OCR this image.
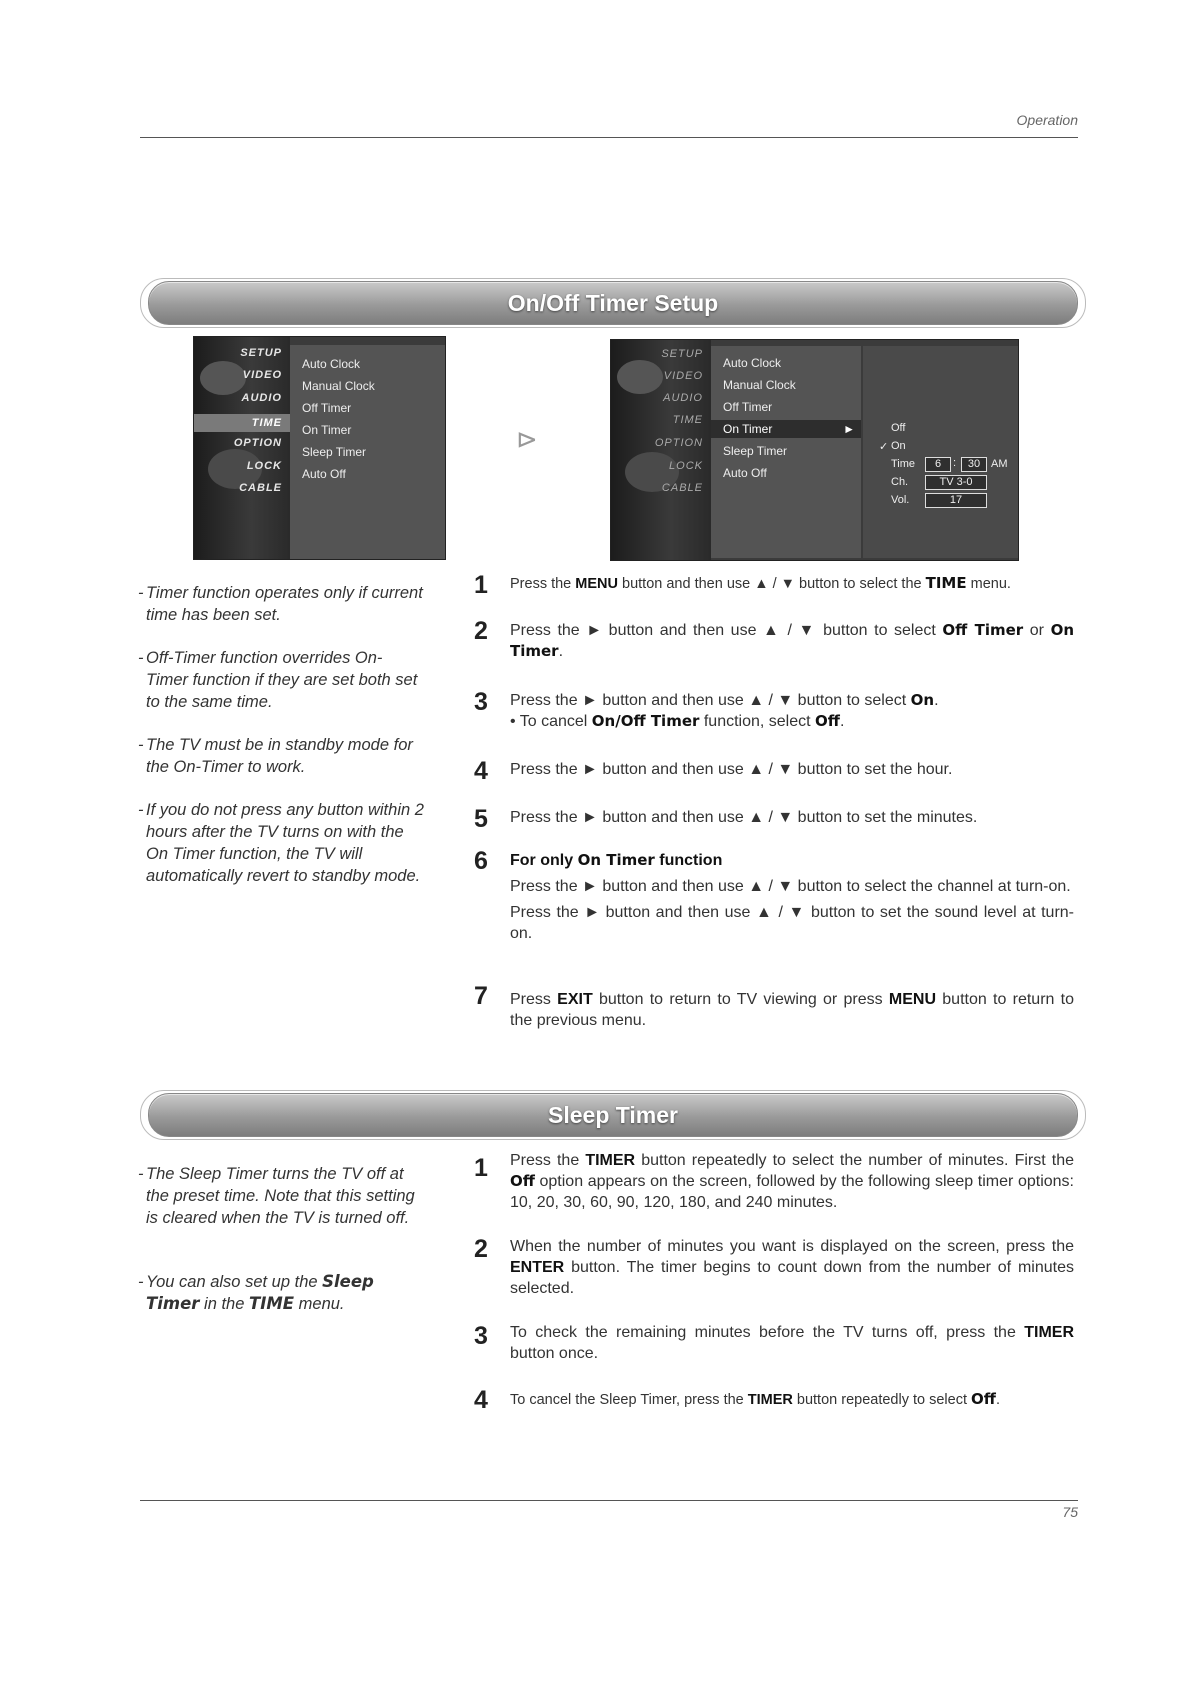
Operation
75
On/Off Timer Setup
SETUP
VIDEO
AUDIO
TIME
OPTION
LOCK
CABLE
Auto Clock
Manual Clock
Off Timer
On Timer
Sleep Timer
Auto Off
⊳
SETUP
VIDEO
AUDIO
TIME
OPTION
LOCK
CABLE
Auto Clock
Manual Clock
Off Timer
On Timer	►
Sleep Timer
Auto Off
Off
✓ On
Time	6	:	30 AM
Ch.	TV 3-0
Vol.	17
- Timer function operates only if current time has been set.
- Off-Timer function overrides On-Timer function if they are set both set to the same time.
- The TV must be in standby mode for the On-Timer to work.
- If you do not press any button within 2 hours after the TV turns on with the On Timer function, the TV will automatically revert to standby mode.
1 Press the MENU button and then use ▲ / ▼ button to select the TIME menu.
2 Press the ► button and then use ▲ / ▼ button to select Off Timer or On Timer.
3 Press the ► button and then use ▲ / ▼ button to select On.
• To cancel On/Off Timer function, select Off.
4 Press the ► button and then use ▲ / ▼ button to set the hour.
5 Press the ► button and then use ▲ / ▼ button to set the minutes.
6 For only On Timer function
Press the ► button and then use ▲ / ▼ button to select the channel at turn-on.
Press the ► button and then use ▲ / ▼ button to set the sound level at turn-on.
7 Press EXIT button to return to TV viewing or press MENU button to return to the previous menu.
Sleep Timer
- The Sleep Timer turns the TV off at the preset time. Note that this setting is cleared when the TV is turned off.
- You can also set up the Sleep Timer in the TIME menu.
1 Press the TIMER button repeatedly to select the number of minutes. First the Off option appears on the screen, followed by the following sleep timer options: 10, 20, 30, 60, 90, 120, 180, and 240 minutes.
2 When the number of minutes you want is displayed on the screen, press the ENTER button. The timer begins to count down from the number of minutes selected.
3 To check the remaining minutes before the TV turns off, press the TIMER button once.
4 To cancel the Sleep Timer, press the TIMER button repeatedly to select Off.
